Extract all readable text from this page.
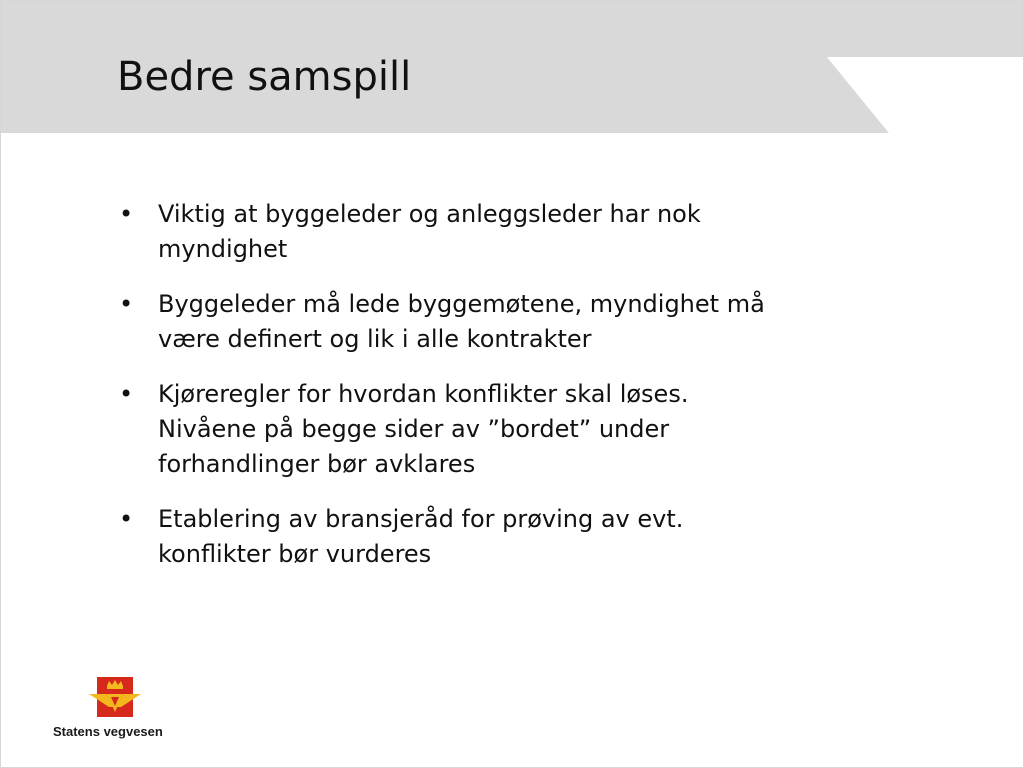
Bedre samspill
• Viktig at byggeleder og anleggsleder har nok
myndighet
• Byggeleder må lede byggemøtene, myndighet må
være definert og lik i alle kontrakter
• Kjøreregler for hvordan konflikter skal løses.
Nivåene på begge sider av ”bordet” under
forhandlinger bør avklares
• Etablering av bransjeråd for prøving av evt.
konflikter bør vurderes
Statens vegvesen
